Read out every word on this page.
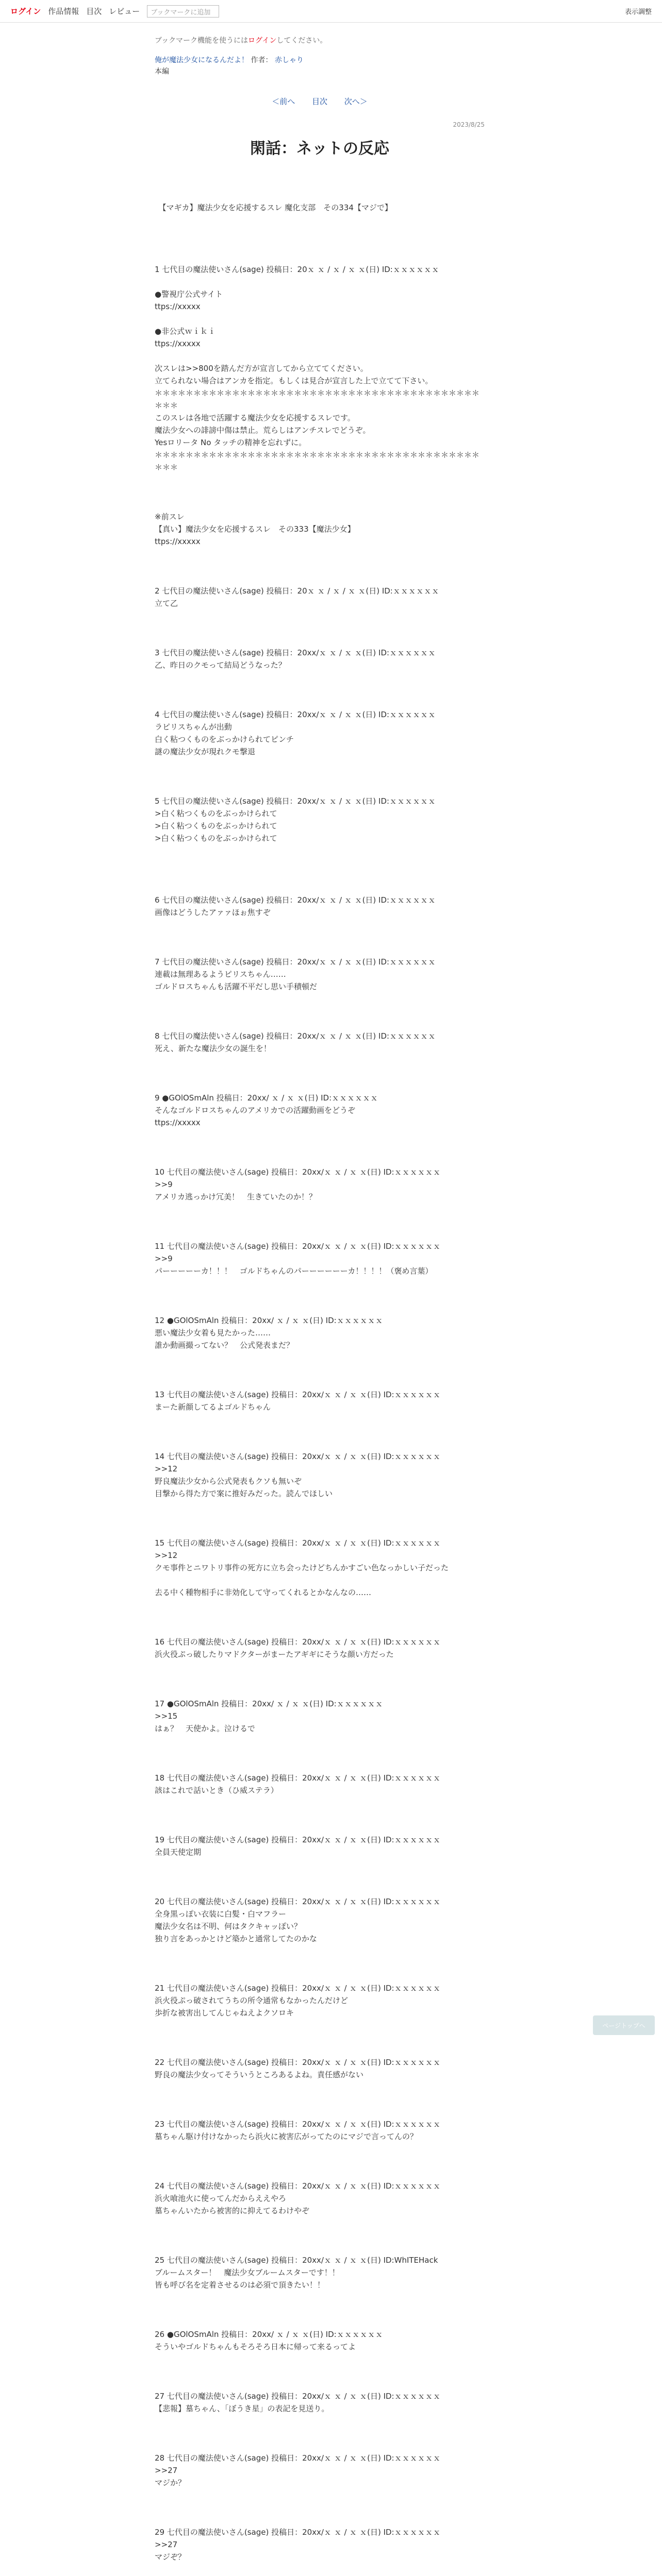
ログイン 作品情報 目次 レビュー	ブックマークに追加	表示調整
ブックマーク機能を使うにはログインしてください。
俺が魔法少女になるんだよ！ 作者： 赤しゃり
本編
＜前へ 目次 次へ＞
2023/8/25
閑話：ネットの反応

　【マギカ】魔法少女を応援するスレ 魔化支部　その334【マジで】

1 七代目の魔法使いさん(sage) 投稿日：20ｘ ｘ / ｘ / ｘ ｘ(日) ID:ｘｘｘｘｘｘ

●警視庁公式サイト

ttps://xxxxx

●非公式ｗｉｋｉ

ttps://xxxxx

次スレは>>800を踏んだ方が宣言してから立ててください。

立てられない場合はアンカを指定。もしくは見合が宣言した上で立てて下さい。

＊＊＊＊＊＊＊＊＊＊＊＊＊＊＊＊＊＊＊＊＊＊＊＊＊＊＊＊＊＊＊＊＊＊＊＊＊＊＊＊＊＊＊＊＊

このスレは各地で活躍する魔法少女を応援するスレです。

魔法少女への誹謗中傷は禁止。荒らしはアンチスレでどうぞ。

Yesロリータ No タッチの精神を忘れずに。

＊＊＊＊＊＊＊＊＊＊＊＊＊＊＊＊＊＊＊＊＊＊＊＊＊＊＊＊＊＊＊＊＊＊＊＊＊＊＊＊＊＊＊＊＊

※前スレ

【真い】魔法少女を応援するスレ　その333【魔法少女】

ttps://xxxxx

2 七代目の魔法使いさん(sage) 投稿日：20ｘ ｘ / ｘ / ｘ ｘ(日) ID:ｘｘｘｘｘｘ

立て乙

3 七代目の魔法使いさん(sage) 投稿日：20xx/ｘ ｘ / ｘ ｘ(日) ID:ｘｘｘｘｘｘ

乙、昨日のクモって結局どうなった？

4 七代目の魔法使いさん(sage) 投稿日：20xx/ｘ ｘ / ｘ ｘ(日) ID:ｘｘｘｘｘｘ

ラピリスちゃんが出動

白く粘つくものをぶっかけられてピンチ

謎の魔法少女が現れクモ撃退

5 七代目の魔法使いさん(sage) 投稿日：20xx/ｘ ｘ / ｘ ｘ(日) ID:ｘｘｘｘｘｘ

>白く粘つくものをぶっかけられて

>白く粘つくものをぶっかけられて

>白く粘つくものをぶっかけられて

6 七代目の魔法使いさん(sage) 投稿日：20xx/ｘ ｘ / ｘ ｘ(日) ID:ｘｘｘｘｘｘ

画像はどうしたアァァほぉ焦すぞ

7 七代目の魔法使いさん(sage) 投稿日：20xx/ｘ ｘ / ｘ ｘ(日) ID:ｘｘｘｘｘｘ

連載は無理あるようピリスちゃん……

ゴルドロスちゃんも活躍不平だし思い手積頓だ

8 七代目の魔法使いさん(sage) 投稿日：20xx/ｘ ｘ / ｘ ｘ(日) ID:ｘｘｘｘｘｘ

死え、新たな魔法少女の誕生を！

9 ●GOlOSmAln 投稿日：20xx/ ｘ / ｘ ｘ(日) ID:ｘｘｘｘｘｘ

そんなゴルドロスちゃんのアメリカでの活躍動画をどうぞ

ttps://xxxxx

10 七代目の魔法使いさん(sage) 投稿日：20xx/ｘ ｘ / ｘ ｘ(日) ID:ｘｘｘｘｘｘ

>>9

アメリカ逃っかけ冗美！　生きていたのか！？

11 七代目の魔法使いさん(sage) 投稿日：20xx/ｘ ｘ / ｘ ｘ(日) ID:ｘｘｘｘｘｘ

>>9

パーーーーーカ！！！　ゴルドちゃんのパーーーーーーカ！！！！（褒め言葉）

12 ●GOlOSmAln 投稿日：20xx/ ｘ / ｘ ｘ(日) ID:ｘｘｘｘｘｘ

悪い魔法少女着も見たかった……

誰か動画撮ってない？　公式発表まだ？

13 七代目の魔法使いさん(sage) 投稿日：20xx/ｘ ｘ / ｘ ｘ(日) ID:ｘｘｘｘｘｘ

まーた新顔してるよゴルドちゃん

14 七代目の魔法使いさん(sage) 投稿日：20xx/ｘ ｘ / ｘ ｘ(日) ID:ｘｘｘｘｘｘ

>>12

野良魔法少女から公式発表もクソも無いぞ

目撃から得た方で案に推好みだった。読んでほしい

15 七代目の魔法使いさん(sage) 投稿日：20xx/ｘ ｘ / ｘ ｘ(日) ID:ｘｘｘｘｘｘ

>>12

クモ事件とニワトリ事件の死方に立ち会ったけどちんかすごい色なっかしい子だった

去る中く種物相手に非効化して守ってくれるとかなんなの……

16 七代目の魔法使いさん(sage) 投稿日：20xx/ｘ ｘ / ｘ ｘ(日) ID:ｘｘｘｘｘｘ

浜火役ぷっ破したりマドクターがまーたアギギにそうな顔い方だった

17 ●GOlOSmAln 投稿日：20xx/ ｘ / ｘ ｘ(日) ID:ｘｘｘｘｘｘ

>>15

はぁ？　天使かよ。泣けるで

18 七代目の魔法使いさん(sage) 投稿日：20xx/ｘ ｘ / ｘ ｘ(日) ID:ｘｘｘｘｘｘ

該はこれで話いとき（ひ威ステラ）

19 七代目の魔法使いさん(sage) 投稿日：20xx/ｘ ｘ / ｘ ｘ(日) ID:ｘｘｘｘｘｘ

全員天使定期

20 七代目の魔法使いさん(sage) 投稿日：20xx/ｘ ｘ / ｘ ｘ(日) ID:ｘｘｘｘｘｘ

全身黒っぽい衣装に白髪・白マフラー

魔法少女名は不明、何はタクキャッぽい？

独り言をあっかとけど築かと通常してたのかな

21 七代目の魔法使いさん(sage) 投稿日：20xx/ｘ ｘ / ｘ ｘ(日) ID:ｘｘｘｘｘｘ

浜火役ぷっ破されてうちの所令通常もなかったんだけど

歩折な被害出してんじゃねえよクソロキ

22 七代目の魔法使いさん(sage) 投稿日：20xx/ｘ ｘ / ｘ ｘ(日) ID:ｘｘｘｘｘｘ

野良の魔法少女ってそういうところあるよね。責任感がない

23 七代目の魔法使いさん(sage) 投稿日：20xx/ｘ ｘ / ｘ ｘ(日) ID:ｘｘｘｘｘｘ

墓ちゃん駆け付けなかったら浜火に被害広がってたのにマジで言ってんの？

24 七代目の魔法使いさん(sage) 投稿日：20xx/ｘ ｘ / ｘ ｘ(日) ID:ｘｘｘｘｘｘ

浜火喰池火に使ってんだからええやろ

墓ちゃんいたから被害的に抑えてるわけやぞ

25 七代目の魔法使いさん(sage) 投稿日：20xx/ｘ ｘ / ｘ ｘ(日) ID:WhITEHack

ブルームスター！　魔法少女ブルームスターです！！

皆も呼び名を定着させるのは必須で頂きたい！！

26 ●GOlOSmAln 投稿日：20xx/ ｘ / ｘ ｘ(日) ID:ｘｘｘｘｘｘ

そういやゴルドちゃんもそろそろ日本に帰って来るってよ

27 七代目の魔法使いさん(sage) 投稿日：20xx/ｘ ｘ / ｘ ｘ(日) ID:ｘｘｘｘｘｘ

【悲報】墓ちゃん、「ぼうき星」の表記を見送り。

28 七代目の魔法使いさん(sage) 投稿日：20xx/ｘ ｘ / ｘ ｘ(日) ID:ｘｘｘｘｘｘ

>>27

マジか？

29 七代目の魔法使いさん(sage) 投稿日：20xx/ｘ ｘ / ｘ ｘ(日) ID:ｘｘｘｘｘｘ

>>27

マジぞ？

ページトップへ
